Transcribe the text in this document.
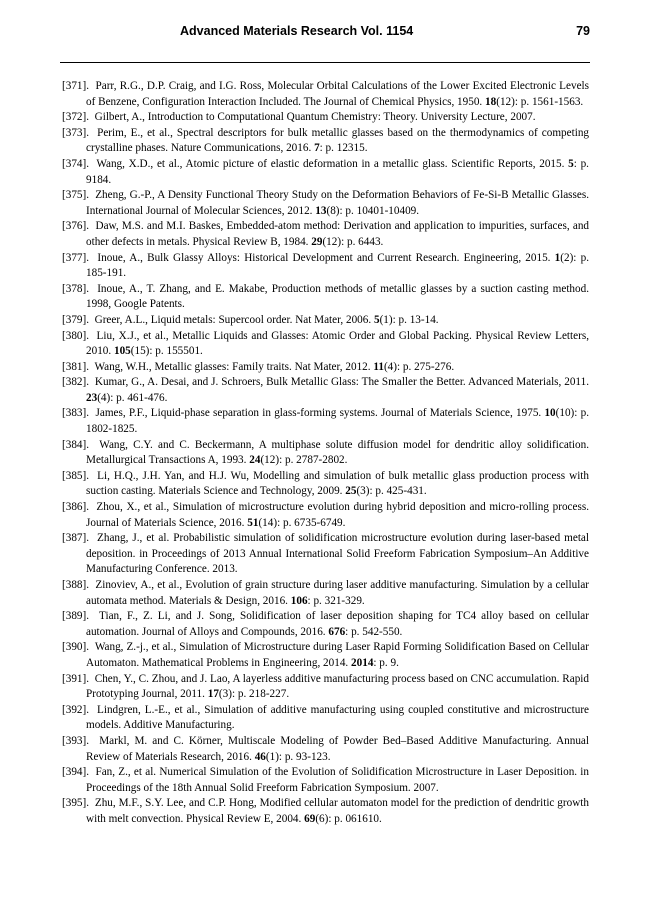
Advanced Materials Research Vol. 1154	79

[371]. Parr, R.G., D.P. Craig, and I.G. Ross, Molecular Orbital Calculations of the Lower Excited Electronic Levels of Benzene, Configuration Interaction Included. The Journal of Chemical Physics, 1950. 18(12): p. 1561-1563.

[372]. Gilbert, A., Introduction to Computational Quantum Chemistry: Theory. University Lecture, 2007.

[373]. Perim, E., et al., Spectral descriptors for bulk metallic glasses based on the thermodynamics of competing crystalline phases. Nature Communications, 2016. 7: p. 12315.

[374]. Wang, X.D., et al., Atomic picture of elastic deformation in a metallic glass. Scientific Reports, 2015. 5: p. 9184.

[375]. Zheng, G.-P., A Density Functional Theory Study on the Deformation Behaviors of Fe-Si-B Metallic Glasses. International Journal of Molecular Sciences, 2012. 13(8): p. 10401-10409.

[376]. Daw, M.S. and M.I. Baskes, Embedded-atom method: Derivation and application to impurities, surfaces, and other defects in metals. Physical Review B, 1984. 29(12): p. 6443.

[377]. Inoue, A., Bulk Glassy Alloys: Historical Development and Current Research. Engineering, 2015. 1(2): p. 185-191.

[378]. Inoue, A., T. Zhang, and E. Makabe, Production methods of metallic glasses by a suction casting method. 1998, Google Patents.

[379]. Greer, A.L., Liquid metals: Supercool order. Nat Mater, 2006. 5(1): p. 13-14.

[380]. Liu, X.J., et al., Metallic Liquids and Glasses: Atomic Order and Global Packing. Physical Review Letters, 2010. 105(15): p. 155501.

[381]. Wang, W.H., Metallic glasses: Family traits. Nat Mater, 2012. 11(4): p. 275-276.

[382]. Kumar, G., A. Desai, and J. Schroers, Bulk Metallic Glass: The Smaller the Better. Advanced Materials, 2011. 23(4): p. 461-476.

[383]. James, P.F., Liquid-phase separation in glass-forming systems. Journal of Materials Science, 1975. 10(10): p. 1802-1825.

[384]. Wang, C.Y. and C. Beckermann, A multiphase solute diffusion model for dendritic alloy solidification. Metallurgical Transactions A, 1993. 24(12): p. 2787-2802.

[385]. Li, H.Q., J.H. Yan, and H.J. Wu, Modelling and simulation of bulk metallic glass production process with suction casting. Materials Science and Technology, 2009. 25(3): p. 425-431.

[386]. Zhou, X., et al., Simulation of microstructure evolution during hybrid deposition and micro-rolling process. Journal of Materials Science, 2016. 51(14): p. 6735-6749.

[387]. Zhang, J., et al. Probabilistic simulation of solidification microstructure evolution during laser-based metal deposition. in Proceedings of 2013 Annual International Solid Freeform Fabrication Symposium–An Additive Manufacturing Conference. 2013.

[388]. Zinoviev, A., et al., Evolution of grain structure during laser additive manufacturing. Simulation by a cellular automata method. Materials & Design, 2016. 106: p. 321-329.

[389]. Tian, F., Z. Li, and J. Song, Solidification of laser deposition shaping for TC4 alloy based on cellular automation. Journal of Alloys and Compounds, 2016. 676: p. 542-550.

[390]. Wang, Z.-j., et al., Simulation of Microstructure during Laser Rapid Forming Solidification Based on Cellular Automaton. Mathematical Problems in Engineering, 2014. 2014: p. 9.

[391]. Chen, Y., C. Zhou, and J. Lao, A layerless additive manufacturing process based on CNC accumulation. Rapid Prototyping Journal, 2011. 17(3): p. 218-227.

[392]. Lindgren, L.-E., et al., Simulation of additive manufacturing using coupled constitutive and microstructure models. Additive Manufacturing.

[393]. Markl, M. and C. Körner, Multiscale Modeling of Powder Bed–Based Additive Manufacturing. Annual Review of Materials Research, 2016. 46(1): p. 93-123.

[394]. Fan, Z., et al. Numerical Simulation of the Evolution of Solidification Microstructure in Laser Deposition. in Proceedings of the 18th Annual Solid Freeform Fabrication Symposium. 2007.

[395]. Zhu, M.F., S.Y. Lee, and C.P. Hong, Modified cellular automaton model for the prediction of dendritic growth with melt convection. Physical Review E, 2004. 69(6): p. 061610.
